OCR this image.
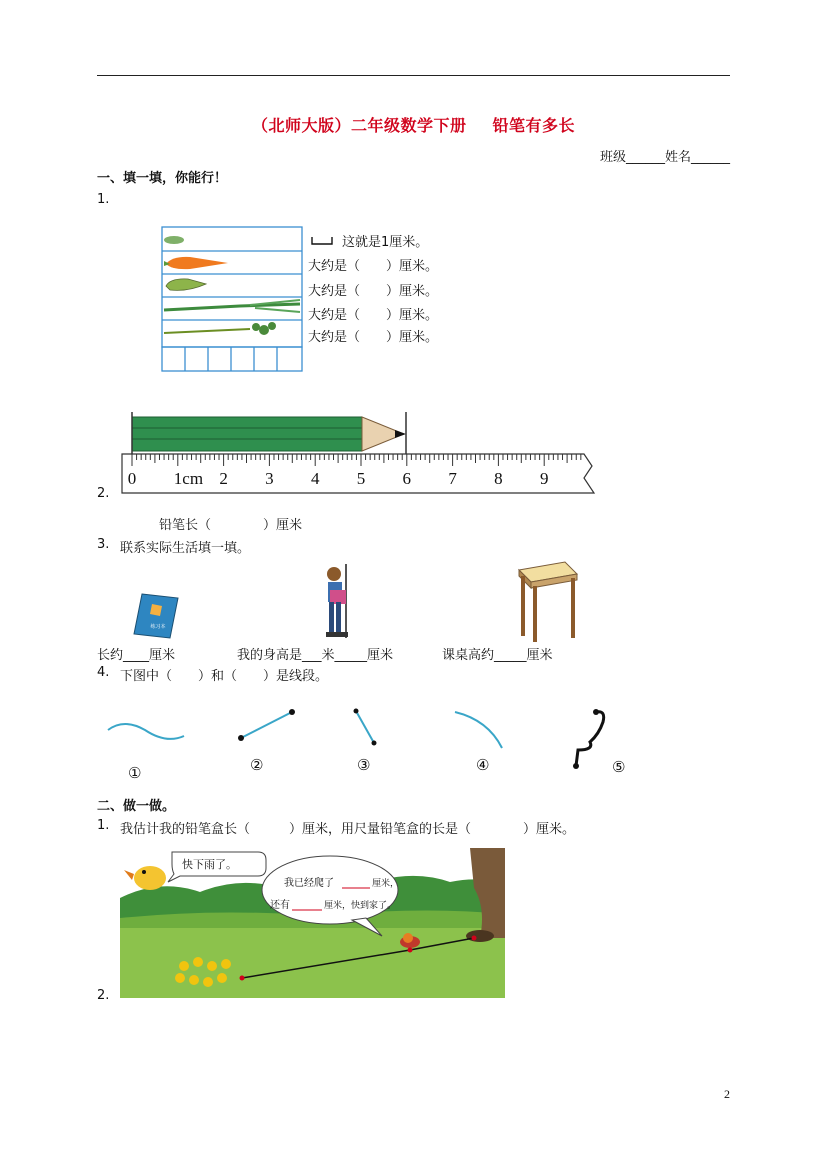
（北师大版）二年级数学下册 铅笔有多长
班级______姓名______
一、填一填，你能行！
1.
这就是1厘米。
大约是（　　）厘米。
大约是（　　）厘米。
大约是（　　）厘米。
大约是（　　）厘米。
0 1cm 2 3 4 5 6 7 8 9
2.
铅笔长（　　　　）厘米
3. 联系实际生活填一填。
练习本
长约____厘米	我的身高是___米_____厘米	课桌高约_____厘米
4. 下图中（　　）和（　　）是线段。
①	②	③	④	⑤
二、做一做。
1. 我估计我的铅笔盒长（　　　）厘米，用尺量铅笔盒的长是（　　　　）厘米。
快下雨了。
我已经爬了	厘米，
还有	厘米，快到家了。
2.
2
